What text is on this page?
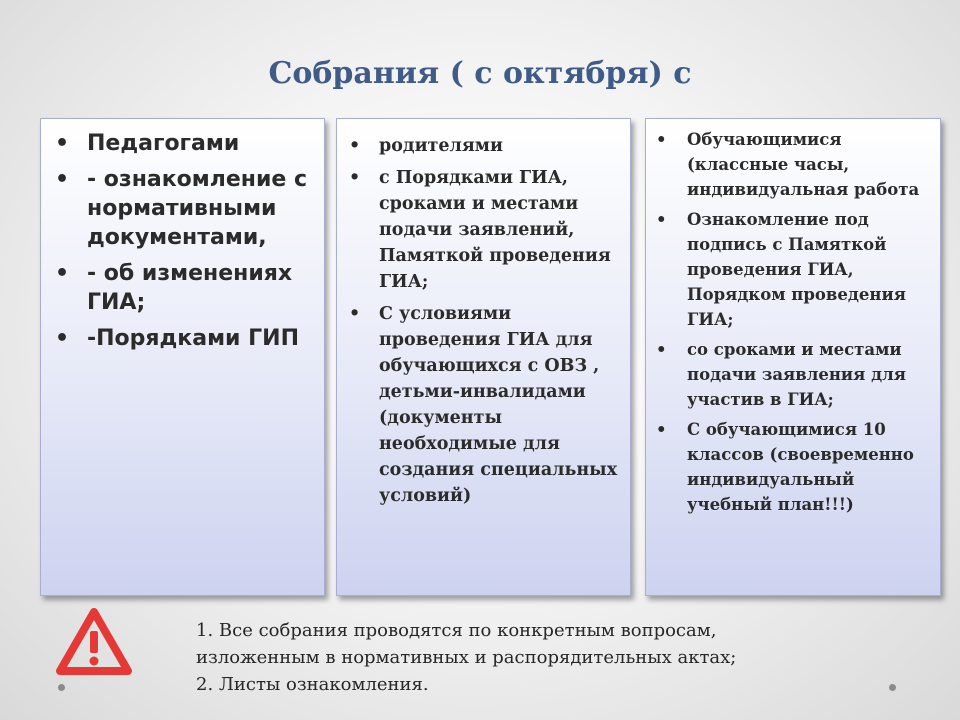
Собрания ( с октября) с
• Педагогами
• - ознакомление с нормативными документами,
• - об изменениях ГИА;
• -Порядками ГИП
• родителями
• с Порядками ГИА, сроками и местами подачи заявлений, Памяткой проведения ГИА;
• С условиями проведения ГИА для обучающихся с ОВЗ , детьми-инвалидами (документы необходимые для создания специальных условий)
• Обучающимися (классные часы, индивидуальная работа
• Ознакомление под подпись с Памяткой проведения ГИА, Порядком проведения ГИА;
• со сроками и местами подачи заявления для участив в ГИА;
• С обучающимися 10 классов (своевременно индивидуальный учебный план!!!)
1. Все собрания проводятся по конкретным вопросам,
изложенным в нормативных и распорядительных актах;
2. Листы ознакомления.
